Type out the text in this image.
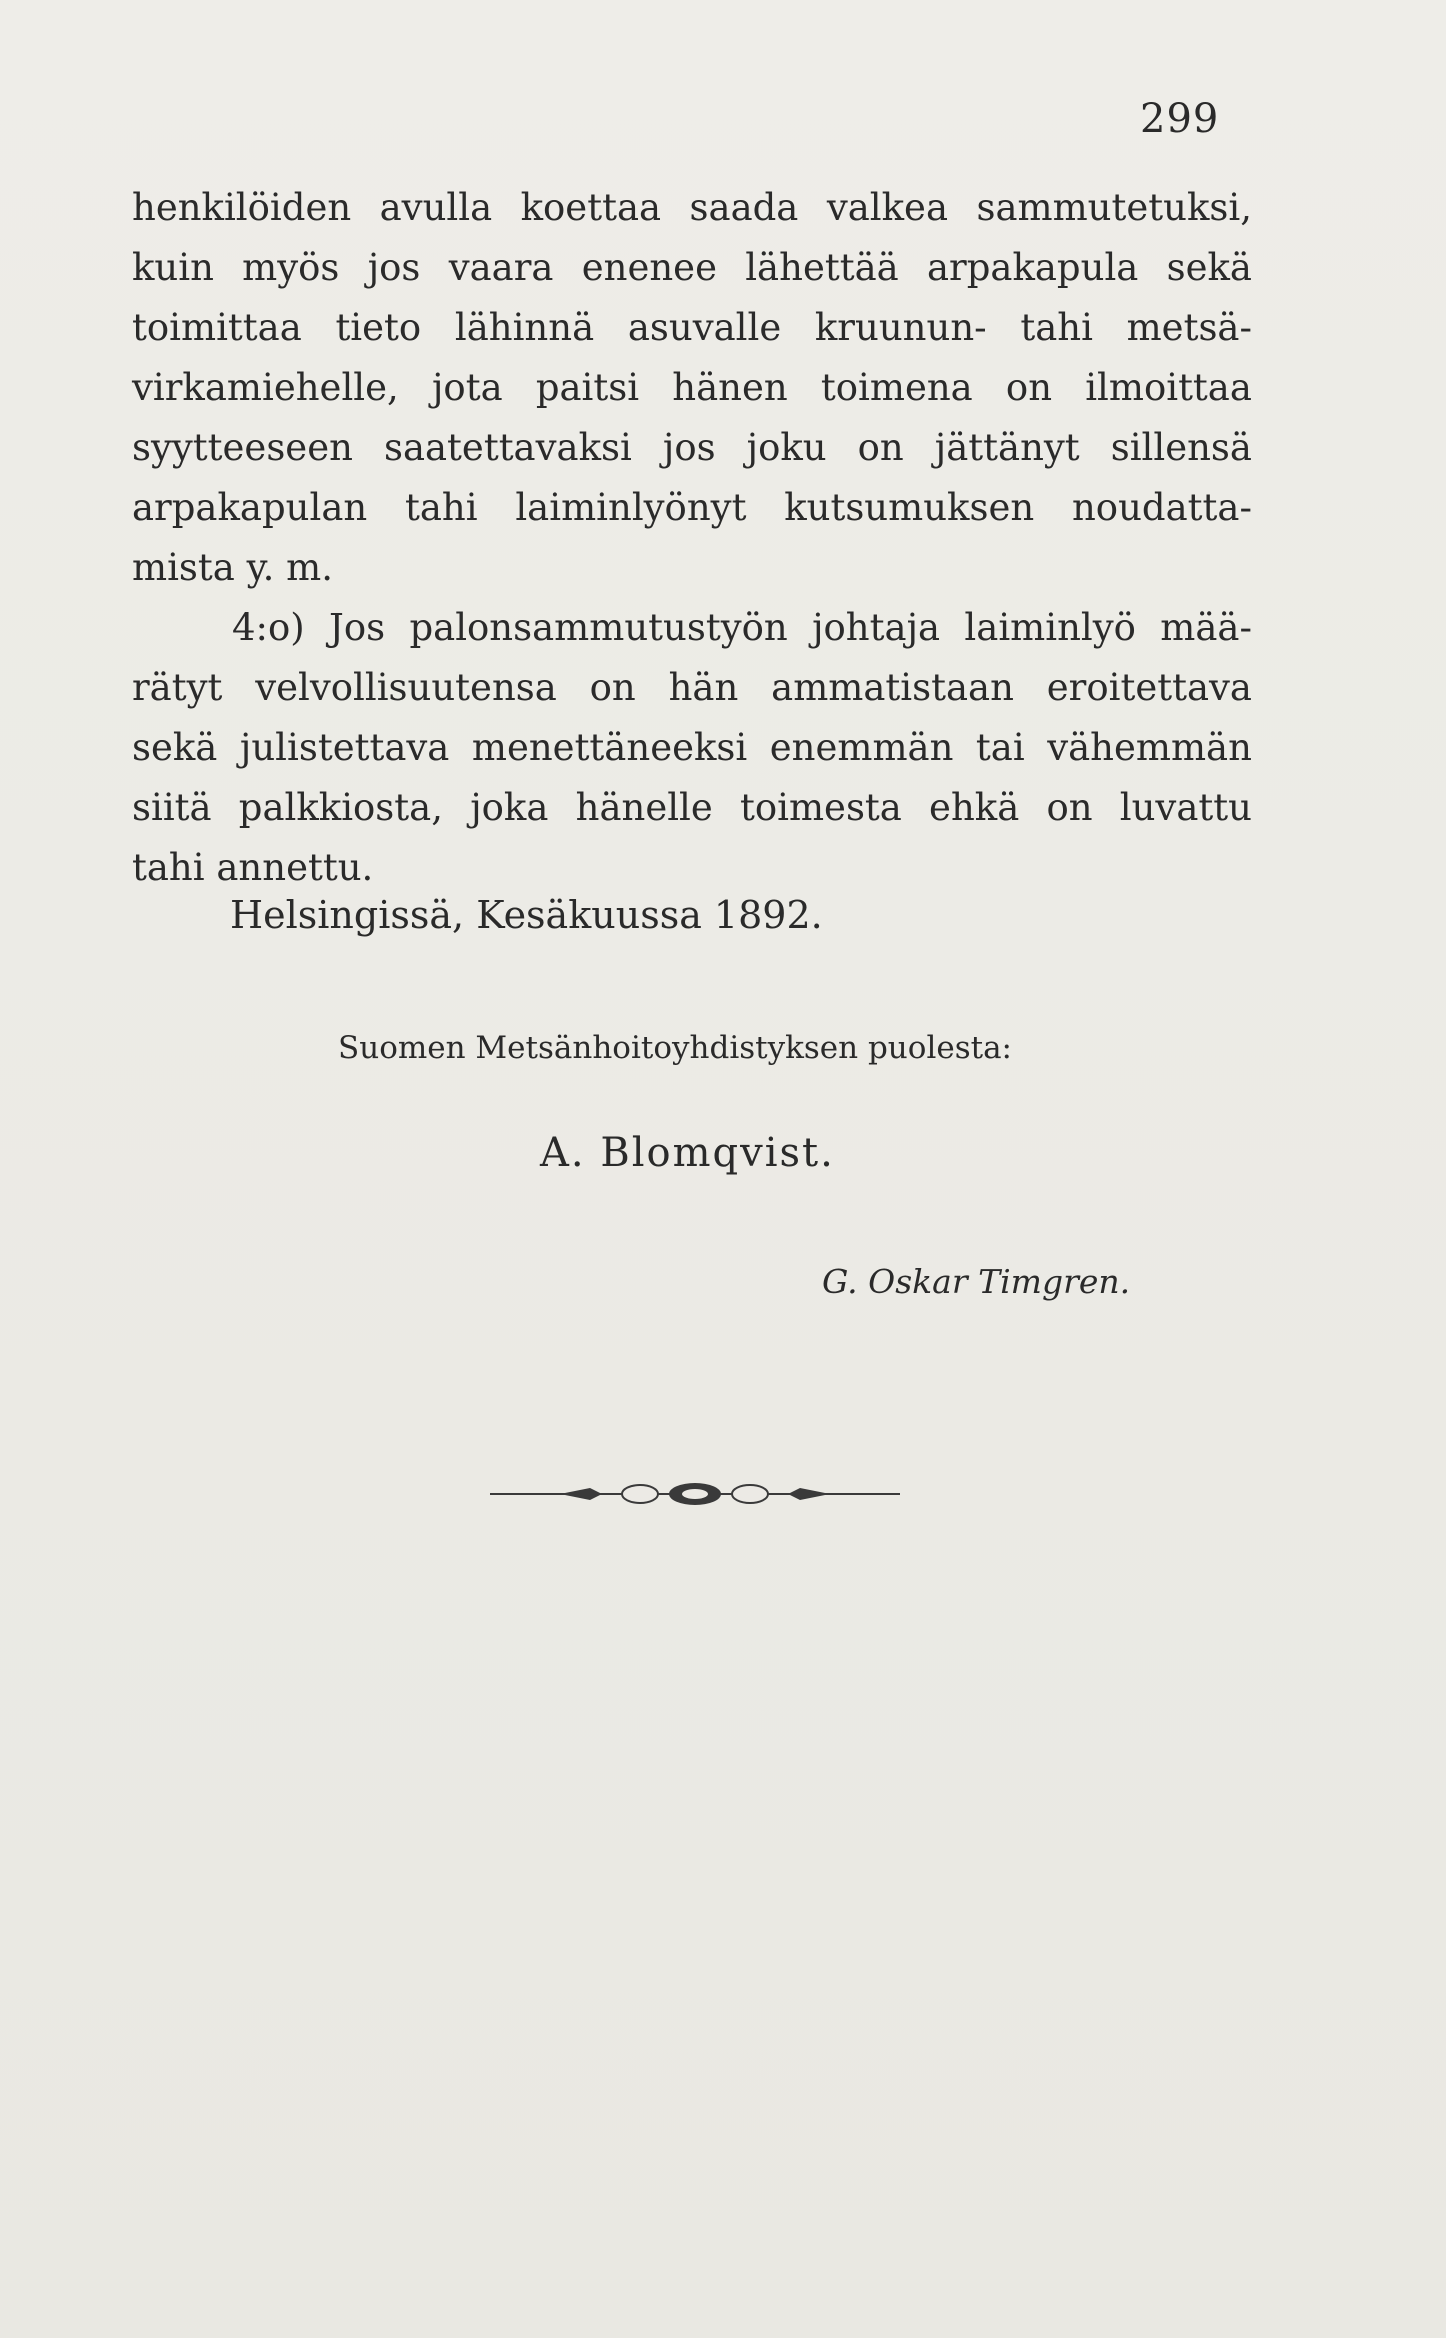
299
henkilöiden avulla koettaa saada valkea sammutetuksi,
kuin myös jos vaara enenee lähettää arpakapula sekä
toimittaa tieto lähinnä asuvalle kruunun- tahi metsä-
virkamiehelle, jota paitsi hänen toimena on ilmoittaa
syytteeseen saatettavaksi jos joku on jättänyt sillensä
arpakapulan tahi laiminlyönyt kutsumuksen noudatta-
mista y. m.
4:o) Jos palonsammutustyön johtaja laiminlyö mää-
rätyt velvollisuutensa on hän ammatistaan eroitettava
sekä julistettava menettäneeksi enemmän tai vähemmän
siitä palkkiosta, joka hänelle toimesta ehkä on luvattu
tahi annettu.
Helsingissä, Kesäkuussa 1892.
Suomen Metsänhoitoyhdistyksen puolesta:
A. Blomqvist.
G. Oskar Timgren.
